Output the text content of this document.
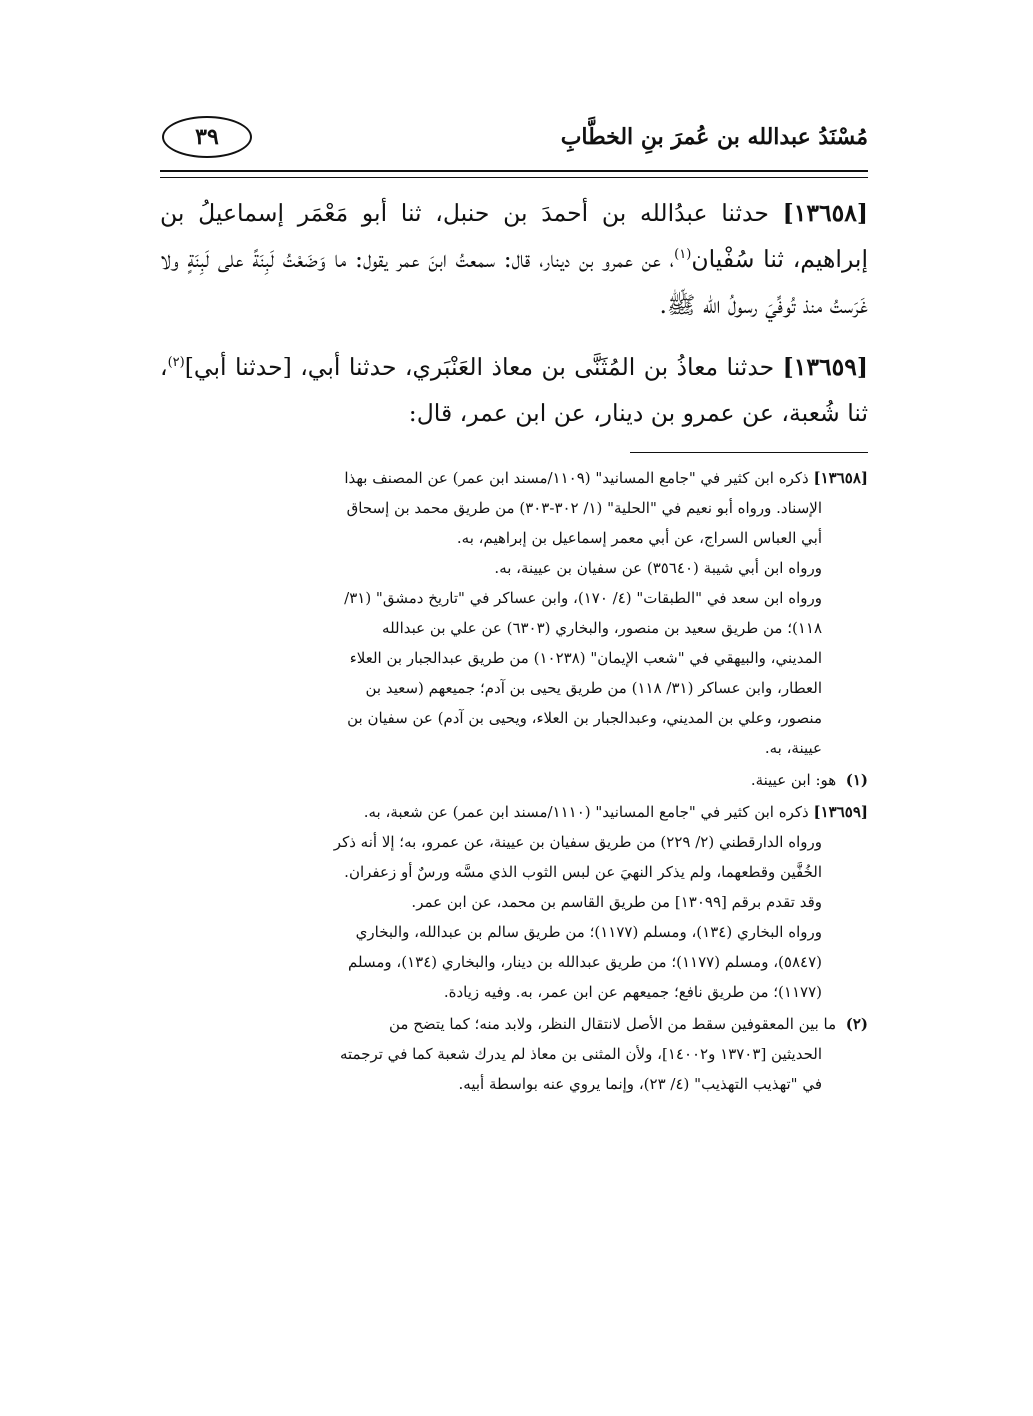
مُسْنَدُ عبدالله بن عُمرَ بنِ الخطَّابِ
٣٩

[١٣٦٥٨] حدثنا عبدُالله بن أحمدَ بن حنبل، ثنا أبو مَعْمَر إسماعيلُ بن إبراهيم، ثنا سُفْيان$^{(١)}$، عن عمرو بن دينار، قال: سمعتُ ابنَ عمر يقول: ما وَضَعْتُ لَبِنَةً على لَبِنَةٍ ولا غَرَستُ منذ تُوفِّيَ رسولُ الله ﷺ.

[١٣٦٥٩] حدثنا معاذُ بن المُثَنَّى بن معاذ العَنْبَري، حدثنا أبي، [حدثنا أبي]$^{(٢)}$، ثنا شُعبة، عن عمرو بن دينار، عن ابن عمر، قال:

[١٣٦٥٨] ذكره ابن كثير في "جامع المسانيد" (١١٠٩/مسند ابن عمر) عن المصنف بهذا
الإسناد. ورواه أبو نعيم في "الحلية" (١/ ٣٠٢-٣٠٣) من طريق محمد بن إسحاق
أبي العباس السراج، عن أبي معمر إسماعيل بن إبراهيم، به.
ورواه ابن أبي شيبة (٣٥٦٤٠) عن سفيان بن عيينة، به.
ورواه ابن سعد في "الطبقات" (٤/ ١٧٠)، وابن عساكر في "تاريخ دمشق" (٣١/
١١٨)؛ من طريق سعيد بن منصور، والبخاري (٦٣٠٣) عن علي بن عبدالله
المديني، والبيهقي في "شعب الإيمان" (١٠٢٣٨) من طريق عبدالجبار بن العلاء
العطار، وابن عساكر (٣١/ ١١٨) من طريق يحيى بن آدم؛ جميعهم (سعيد بن
منصور، وعلي بن المديني، وعبدالجبار بن العلاء، ويحيى بن آدم) عن سفيان بن
عيينة، به.
(١)  هو: ابن عيينة.
[١٣٦٥٩] ذكره ابن كثير في "جامع المسانيد" (١١١٠/مسند ابن عمر) عن شعبة، به.
ورواه الدارقطني (٢/ ٢٢٩) من طريق سفيان بن عيينة، عن عمرو، به؛ إلا أنه ذكر
الخُفَّين وقطعهما، ولم يذكر النهيَ عن لبس الثوب الذي مسَّه ورسٌ أو زعفران.
وقد تقدم برقم [١٣٠٩٩] من طريق القاسم بن محمد، عن ابن عمر.
ورواه البخاري (١٣٤)، ومسلم (١١٧٧)؛ من طريق سالم بن عبدالله، والبخاري
(٥٨٤٧)، ومسلم (١١٧٧)؛ من طريق عبدالله بن دينار، والبخاري (١٣٤)، ومسلم
(١١٧٧)؛ من طريق نافع؛ جميعهم عن ابن عمر، به. وفيه زيادة.
(٢)  ما بين المعقوفين سقط من الأصل لانتقال النظر، ولابد منه؛ كما يتضح من
الحديثين [١٣٧٠٣ و١٤٠٠٢]، ولأن المثنى بن معاذ لم يدرك شعبة كما في ترجمته
في "تهذيب التهذيب" (٤/ ٢٣)، وإنما يروي عنه بواسطة أبيه.
